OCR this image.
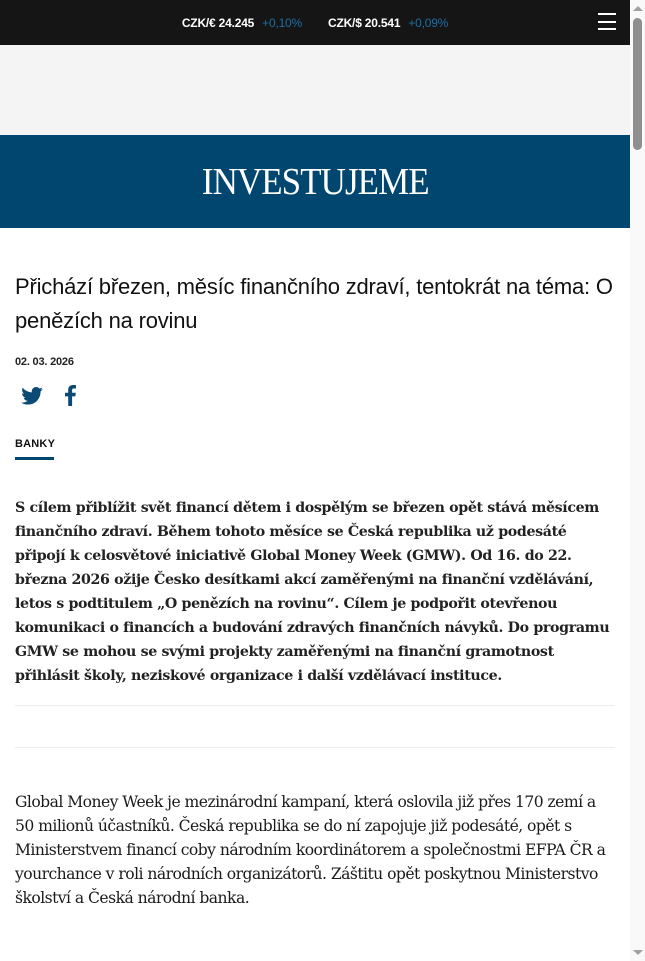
CZK/€ 24.245 +0,10% CZK/$ 20.541 +0,09%
INVESTUJEME
Přichází březen, měsíc finančního zdraví, tentokrát na téma: O penězích na rovinu
02. 03. 2026
BANKY

S cílem přiblížit svět financí dětem i dospělým se březen opět stává měsícem finančního zdraví. Během tohoto měsíce se Česká republika už podesáté připojí k celosvětové iniciativě Global Money Week (GMW). Od 16. do 22. března 2026 ožije Česko desítkami akcí zaměřenými na finanční vzdělávání, letos s podtitulem „O penězích na rovinu“. Cílem je podpořit otevřenou komunikaci o financích a budování zdravých finančních návyků. Do programu GMW se mohou se svými projekty zaměřenými na finanční gramotnost přihlásit školy, neziskové organizace i další vzdělávací instituce.

Global Money Week je mezinárodní kampaní, která oslovila již přes 170 zemí a 50 milionů účastníků. Česká republika se do ní zapojuje již podesáté, opět s Ministerstvem financí coby národním koordinátorem a společnostmi EFPA ČR a yourchance v roli národních organizátorů. Záštitu opět poskytnou Ministerstvo školství a Česká národní banka.
